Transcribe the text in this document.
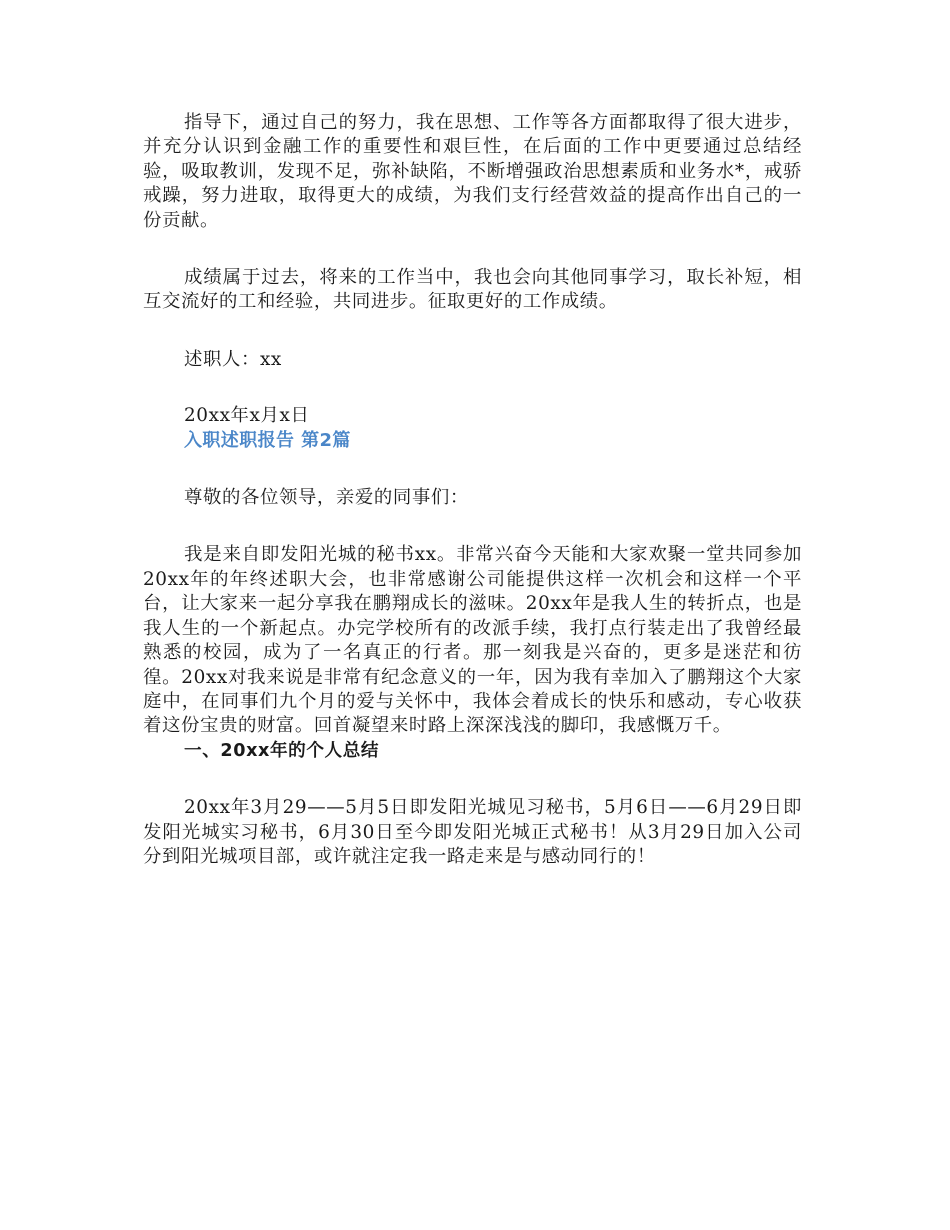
指导下，通过自己的努力，我在思想、工作等各方面都取得了很大进步，并充分认识到金融工作的重要性和艰巨性，在后面的工作中更要通过总结经验，吸取教训，发现不足，弥补缺陷，不断增强政治思想素质和业务水*，戒骄戒躁，努力进取，取得更大的成绩，为我们支行经营效益的提高作出自己的一份贡献。

成绩属于过去，将来的工作当中，我也会向其他同事学习，取长补短，相互交流好的工和经验，共同进步。征取更好的工作成绩。

述职人：xx

20xx年x月x日

入职述职报告 第2篇

尊敬的各位领导，亲爱的同事们：

我是来自即发阳光城的秘书xx。非常兴奋今天能和大家欢聚一堂共同参加20xx年的年终述职大会，也非常感谢公司能提供这样一次机会和这样一个平台，让大家来一起分享我在鹏翔成长的滋味。20xx年是我人生的转折点，也是我人生的一个新起点。办完学校所有的改派手续，我打点行装走出了我曾经最熟悉的校园，成为了一名真正的行者。那一刻我是兴奋的，更多是迷茫和彷徨。20xx对我来说是非常有纪念意义的一年，因为我有幸加入了鹏翔这个大家庭中，在同事们九个月的爱与关怀中，我体会着成长的快乐和感动，专心收获着这份宝贵的财富。回首凝望来时路上深深浅浅的脚印，我感慨万千。

一、20xx年的个人总结

20xx年3月29——5月5日即发阳光城见习秘书，5月6日——6月29日即发阳光城实习秘书，6月30日至今即发阳光城正式秘书！从3月29日加入公司分到阳光城项目部，或许就注定我一路走来是与感动同行的！
